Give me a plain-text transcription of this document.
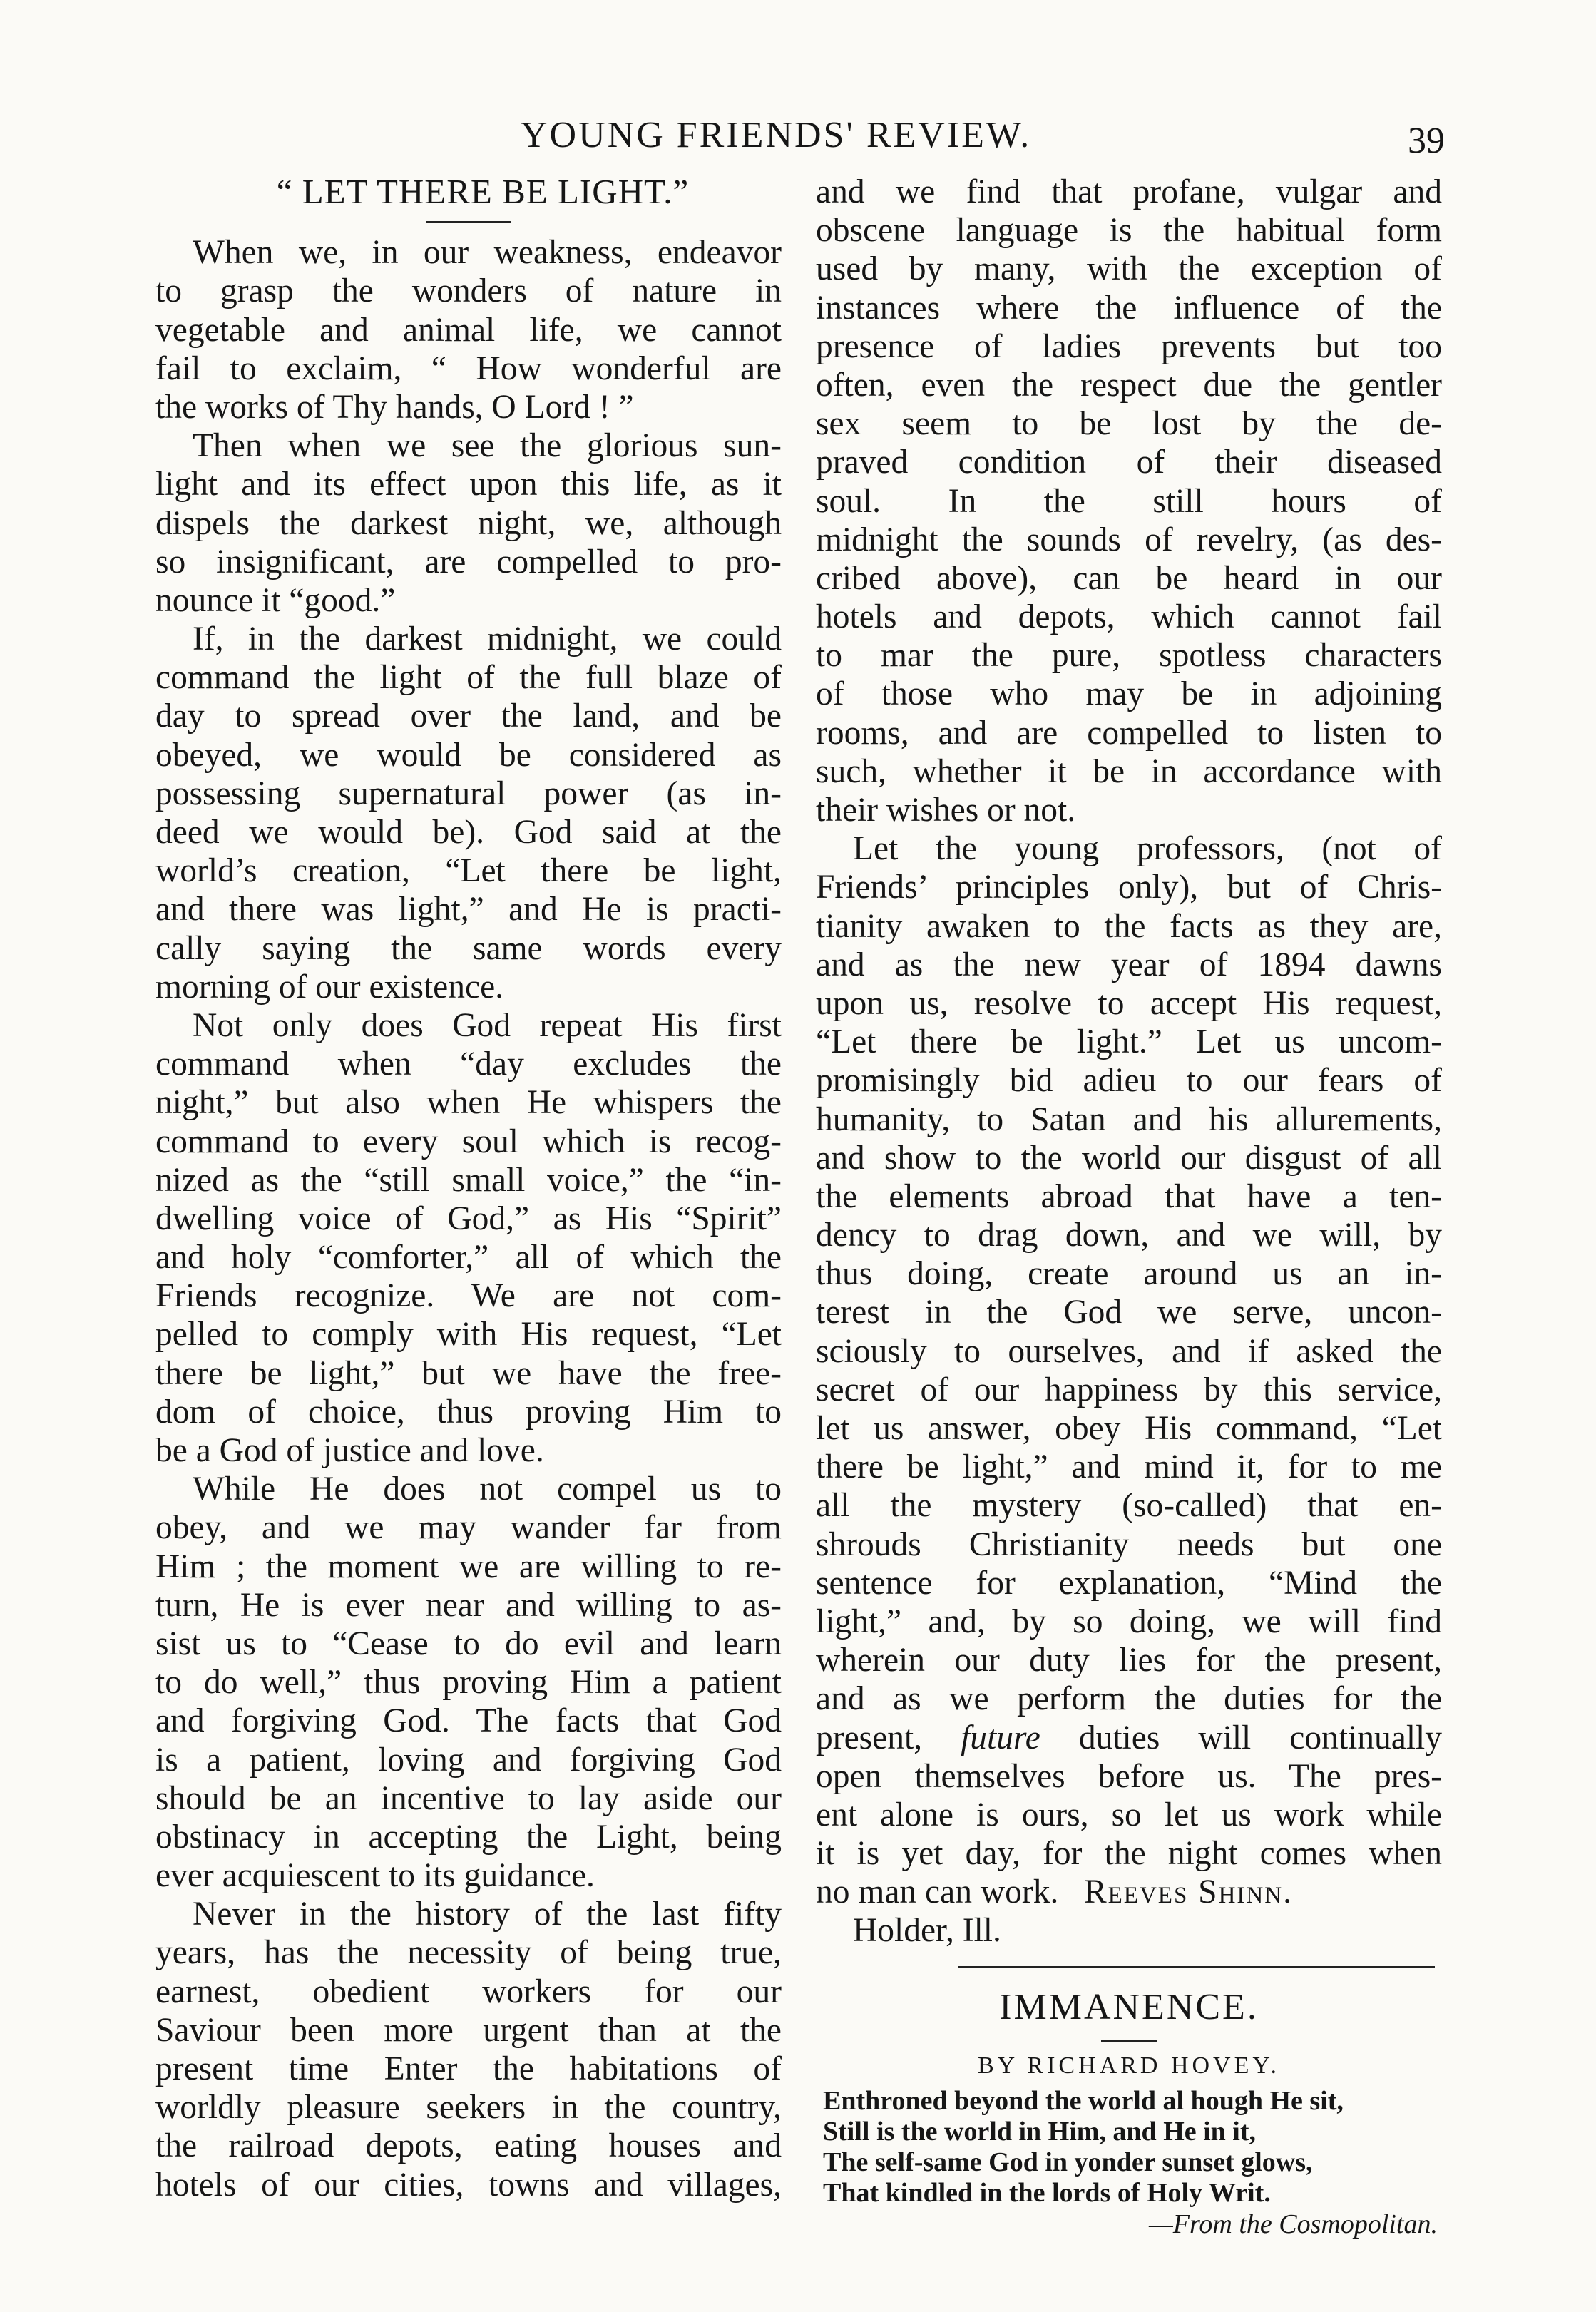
YOUNG FRIENDS' REVIEW.	39
“ LET THERE BE LIGHT.”
When we, in our weakness, endeavor
to grasp the wonders of nature in
vegetable and animal life, we cannot
fail to exclaim, “ How wonderful are
the works of Thy hands, O Lord ! ”
Then when we see the glorious sun-
light and its effect upon this life, as it
dispels the darkest night, we, although
so insignificant, are compelled to pro-
nounce it “good.”
If, in the darkest midnight, we could
command the light of the full blaze of
day to spread over the land, and be
obeyed, we would be considered as
possessing supernatural power (as in-
deed we would be). God said at the
world’s creation, “Let there be light,
and there was light,” and He is practi-
cally saying the same words every
morning of our existence.
Not only does God repeat His first
command when “day excludes the
night,” but also when He whispers the
command to every soul which is recog-
nized as the “still small voice,” the “in-
dwelling voice of God,” as His “Spirit”
and holy “comforter,” all of which the
Friends recognize. We are not com-
pelled to comply with His request, “Let
there be light,” but we have the free-
dom of choice, thus proving Him to
be a God of justice and love.
While He does not compel us to
obey, and we may wander far from
Him ; the moment we are willing to re-
turn, He is ever near and willing to as-
sist us to “Cease to do evil and learn
to do well,” thus proving Him a patient
and forgiving God. The facts that God
is a patient, loving and forgiving God
should be an incentive to lay aside our
obstinacy in accepting the Light, being
ever acquiescent to its guidance.
Never in the history of the last fifty
years, has the necessity of being true,
earnest, obedient workers for our
Saviour been more urgent than at the
present time Enter the habitations of
worldly pleasure seekers in the country,
the railroad depots, eating houses and
hotels of our cities, towns and villages,
and we find that profane, vulgar and
obscene language is the habitual form
used by many, with the exception of
instances where the influence of the
presence of ladies prevents but too
often, even the respect due the gentler
sex seem to be lost by the de-
praved condition of their diseased
soul. In the still hours of
midnight the sounds of revelry, (as des-
cribed above), can be heard in our
hotels and depots, which cannot fail
to mar the pure, spotless characters
of those who may be in adjoining
rooms, and are compelled to listen to
such, whether it be in accordance with
their wishes or not.
Let the young professors, (not of
Friends’ principles only), but of Chris-
tianity awaken to the facts as they are,
and as the new year of 1894 dawns
upon us, resolve to accept His request,
“Let there be light.” Let us uncom-
promisingly bid adieu to our fears of
humanity, to Satan and his allurements,
and show to the world our disgust of all
the elements abroad that have a ten-
dency to drag down, and we will, by
thus doing, create around us an in-
terest in the God we serve, uncon-
sciously to ourselves, and if asked the
secret of our happiness by this service,
let us answer, obey His command, “Let
there be light,” and mind it, for to me
all the mystery (so-called) that en-
shrouds Christianity needs but one
sentence for explanation, “Mind the
light,” and, by so doing, we will find
wherein our duty lies for the present,
and as we perform the duties for the
present, future duties will continually
open themselves before us. The pres-
ent alone is ours, so let us work while
it is yet day, for the night comes when
no man can work. Reeves Shinn.
Holder, Ill.
IMMANENCE.
BY RICHARD HOVEY.
Enthroned beyond the world al hough He sit,
Still is the world in Him, and He in it,
The self-same God in yonder sunset glows,
That kindled in the lords of Holy Writ.
—From the Cosmopolitan.
